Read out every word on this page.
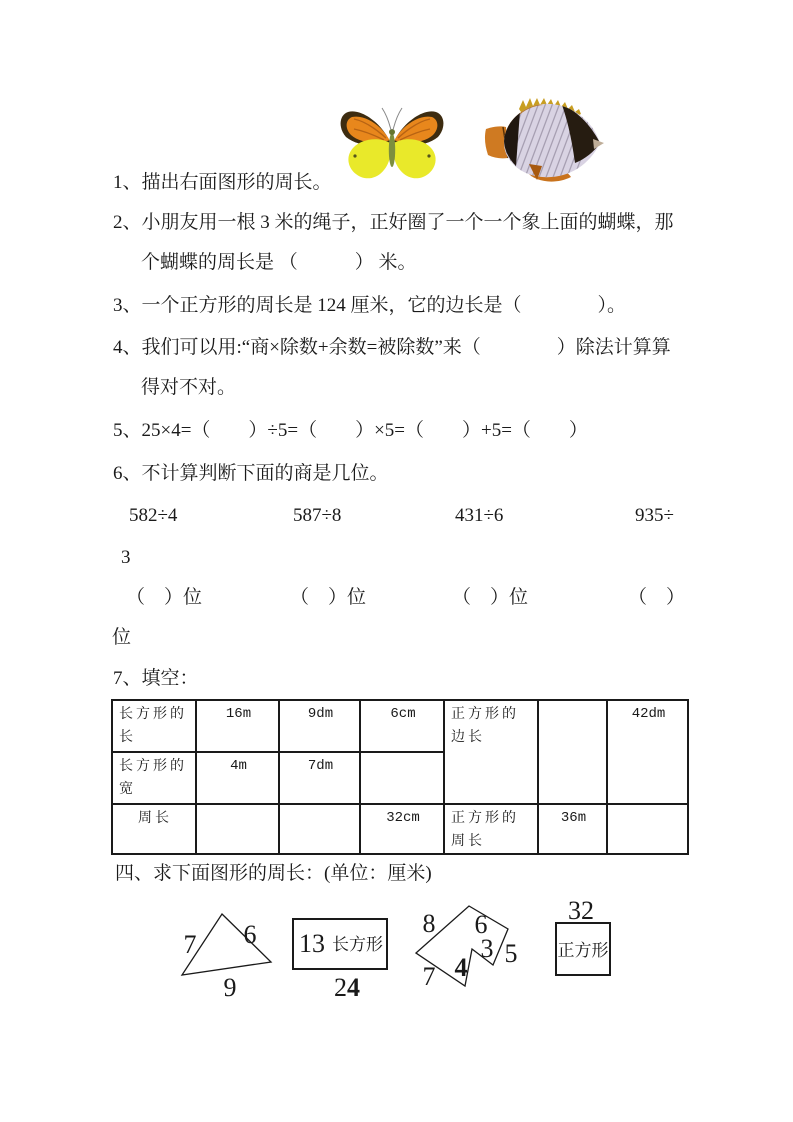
1、描出右面图形的周长。
2、小朋友用一根 3 米的绳子，正好圈了一个一个象上面的蝴蝶，那
个蝴蝶的周长是 （　　　） 米。
3、一个正方形的周长是 124 厘米，它的边长是（　　　　）。
4、我们可以用:“商×除数+余数=被除数”来（　　　　）除法计算算
得对不对。
5、25×4=（　　）÷5=（　　）×5=（　　）+5=（　　）
6、不计算判断下面的商是几位。
582÷4	587÷8	431÷6	935÷
3
（　）位	（　）位	（　）位	（　）
位
7、填空：
长方形的长	16m	9dm	6cm	正方形的边长		42dm
长方形的宽	4m	7dm				
周长			32cm	正方形的周长	36m	
四、求下面图形的周长：(单位：厘米)
7 6
9
13 长方形
24
8 6
3 5
4
7
32
正方形
